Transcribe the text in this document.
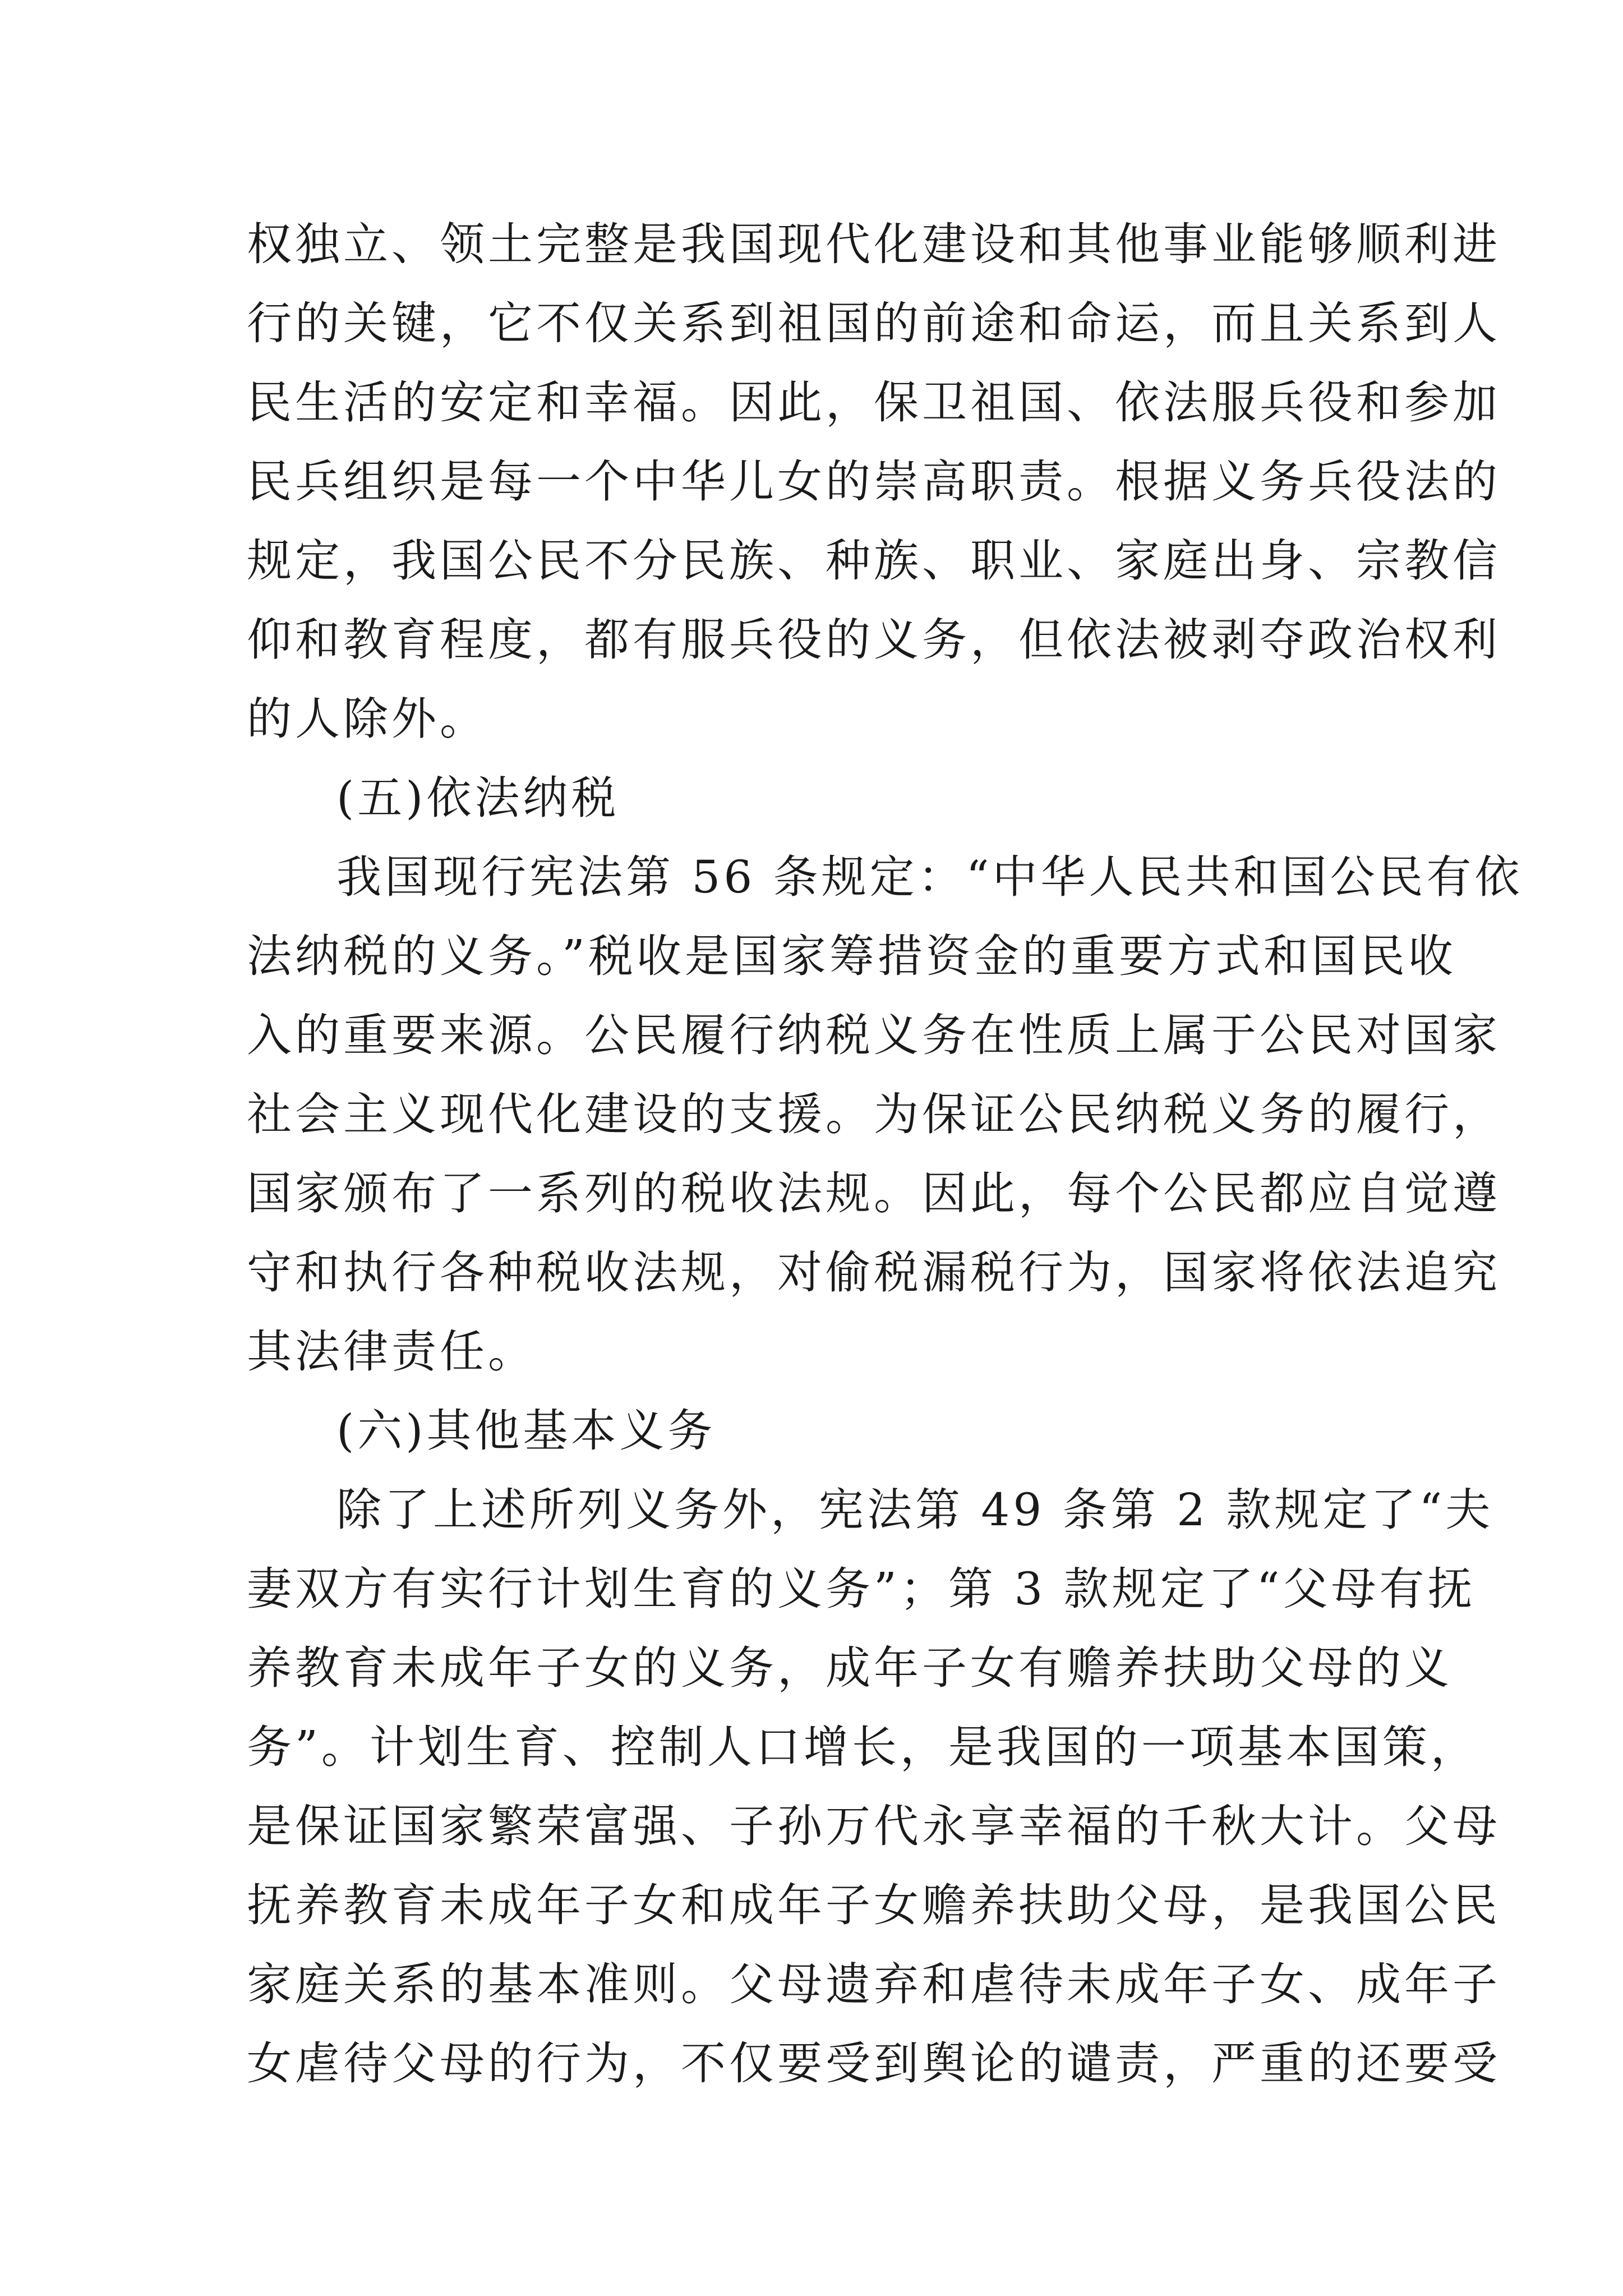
权独立、领土完整是我国现代化建设和其他事业能够顺利进
行的关键，它不仅关系到祖国的前途和命运，而且关系到人
民生活的安定和幸福。因此，保卫祖国、依法服兵役和参加
民兵组织是每一个中华儿女的崇高职责。根据义务兵役法的
规定，我国公民不分民族、种族、职业、家庭出身、宗教信
仰和教育程度，都有服兵役的义务，但依法被剥夺政治权利
的人除外。
(五)依法纳税
我国现行宪法第 56 条规定：“中华人民共和国公民有依
法纳税的义务。”税收是国家筹措资金的重要方式和国民收
入的重要来源。公民履行纳税义务在性质上属于公民对国家
社会主义现代化建设的支援。为保证公民纳税义务的履行，
国家颁布了一系列的税收法规。因此，每个公民都应自觉遵
守和执行各种税收法规，对偷税漏税行为，国家将依法追究
其法律责任。
(六)其他基本义务
除了上述所列义务外，宪法第 49 条第 2 款规定了“夫
妻双方有实行计划生育的义务”；第 3 款规定了“父母有抚
养教育未成年子女的义务，成年子女有赡养扶助父母的义
务”。计划生育、控制人口增长，是我国的一项基本国策，
是保证国家繁荣富强、子孙万代永享幸福的千秋大计。父母
抚养教育未成年子女和成年子女赡养扶助父母，是我国公民
家庭关系的基本准则。父母遗弃和虐待未成年子女、成年子
女虐待父母的行为，不仅要受到舆论的谴责，严重的还要受
